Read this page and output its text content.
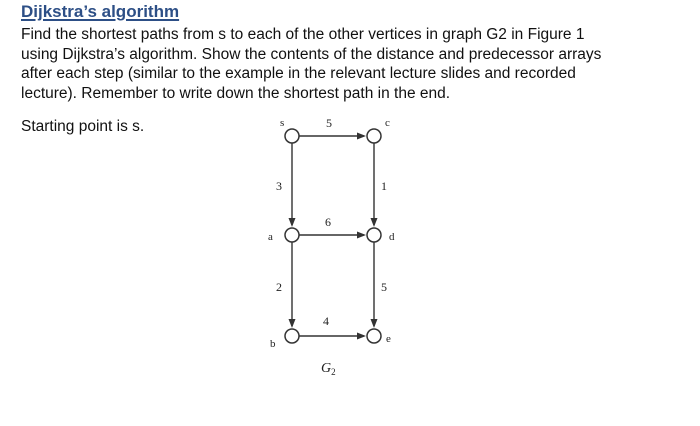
Dijkstra’s algorithm
Find the shortest paths from s to each of the other vertices in graph G2 in Figure 1
using Dijkstra’s algorithm. Show the contents of the distance and predecessor arrays
after each step (similar to the example in the relevant lecture slides and recorded
lecture). Remember to write down the shortest path in the end.
Starting point is s.	s	c
a	d
b	e
5
3	1
6
2	5
4
$G_2$
